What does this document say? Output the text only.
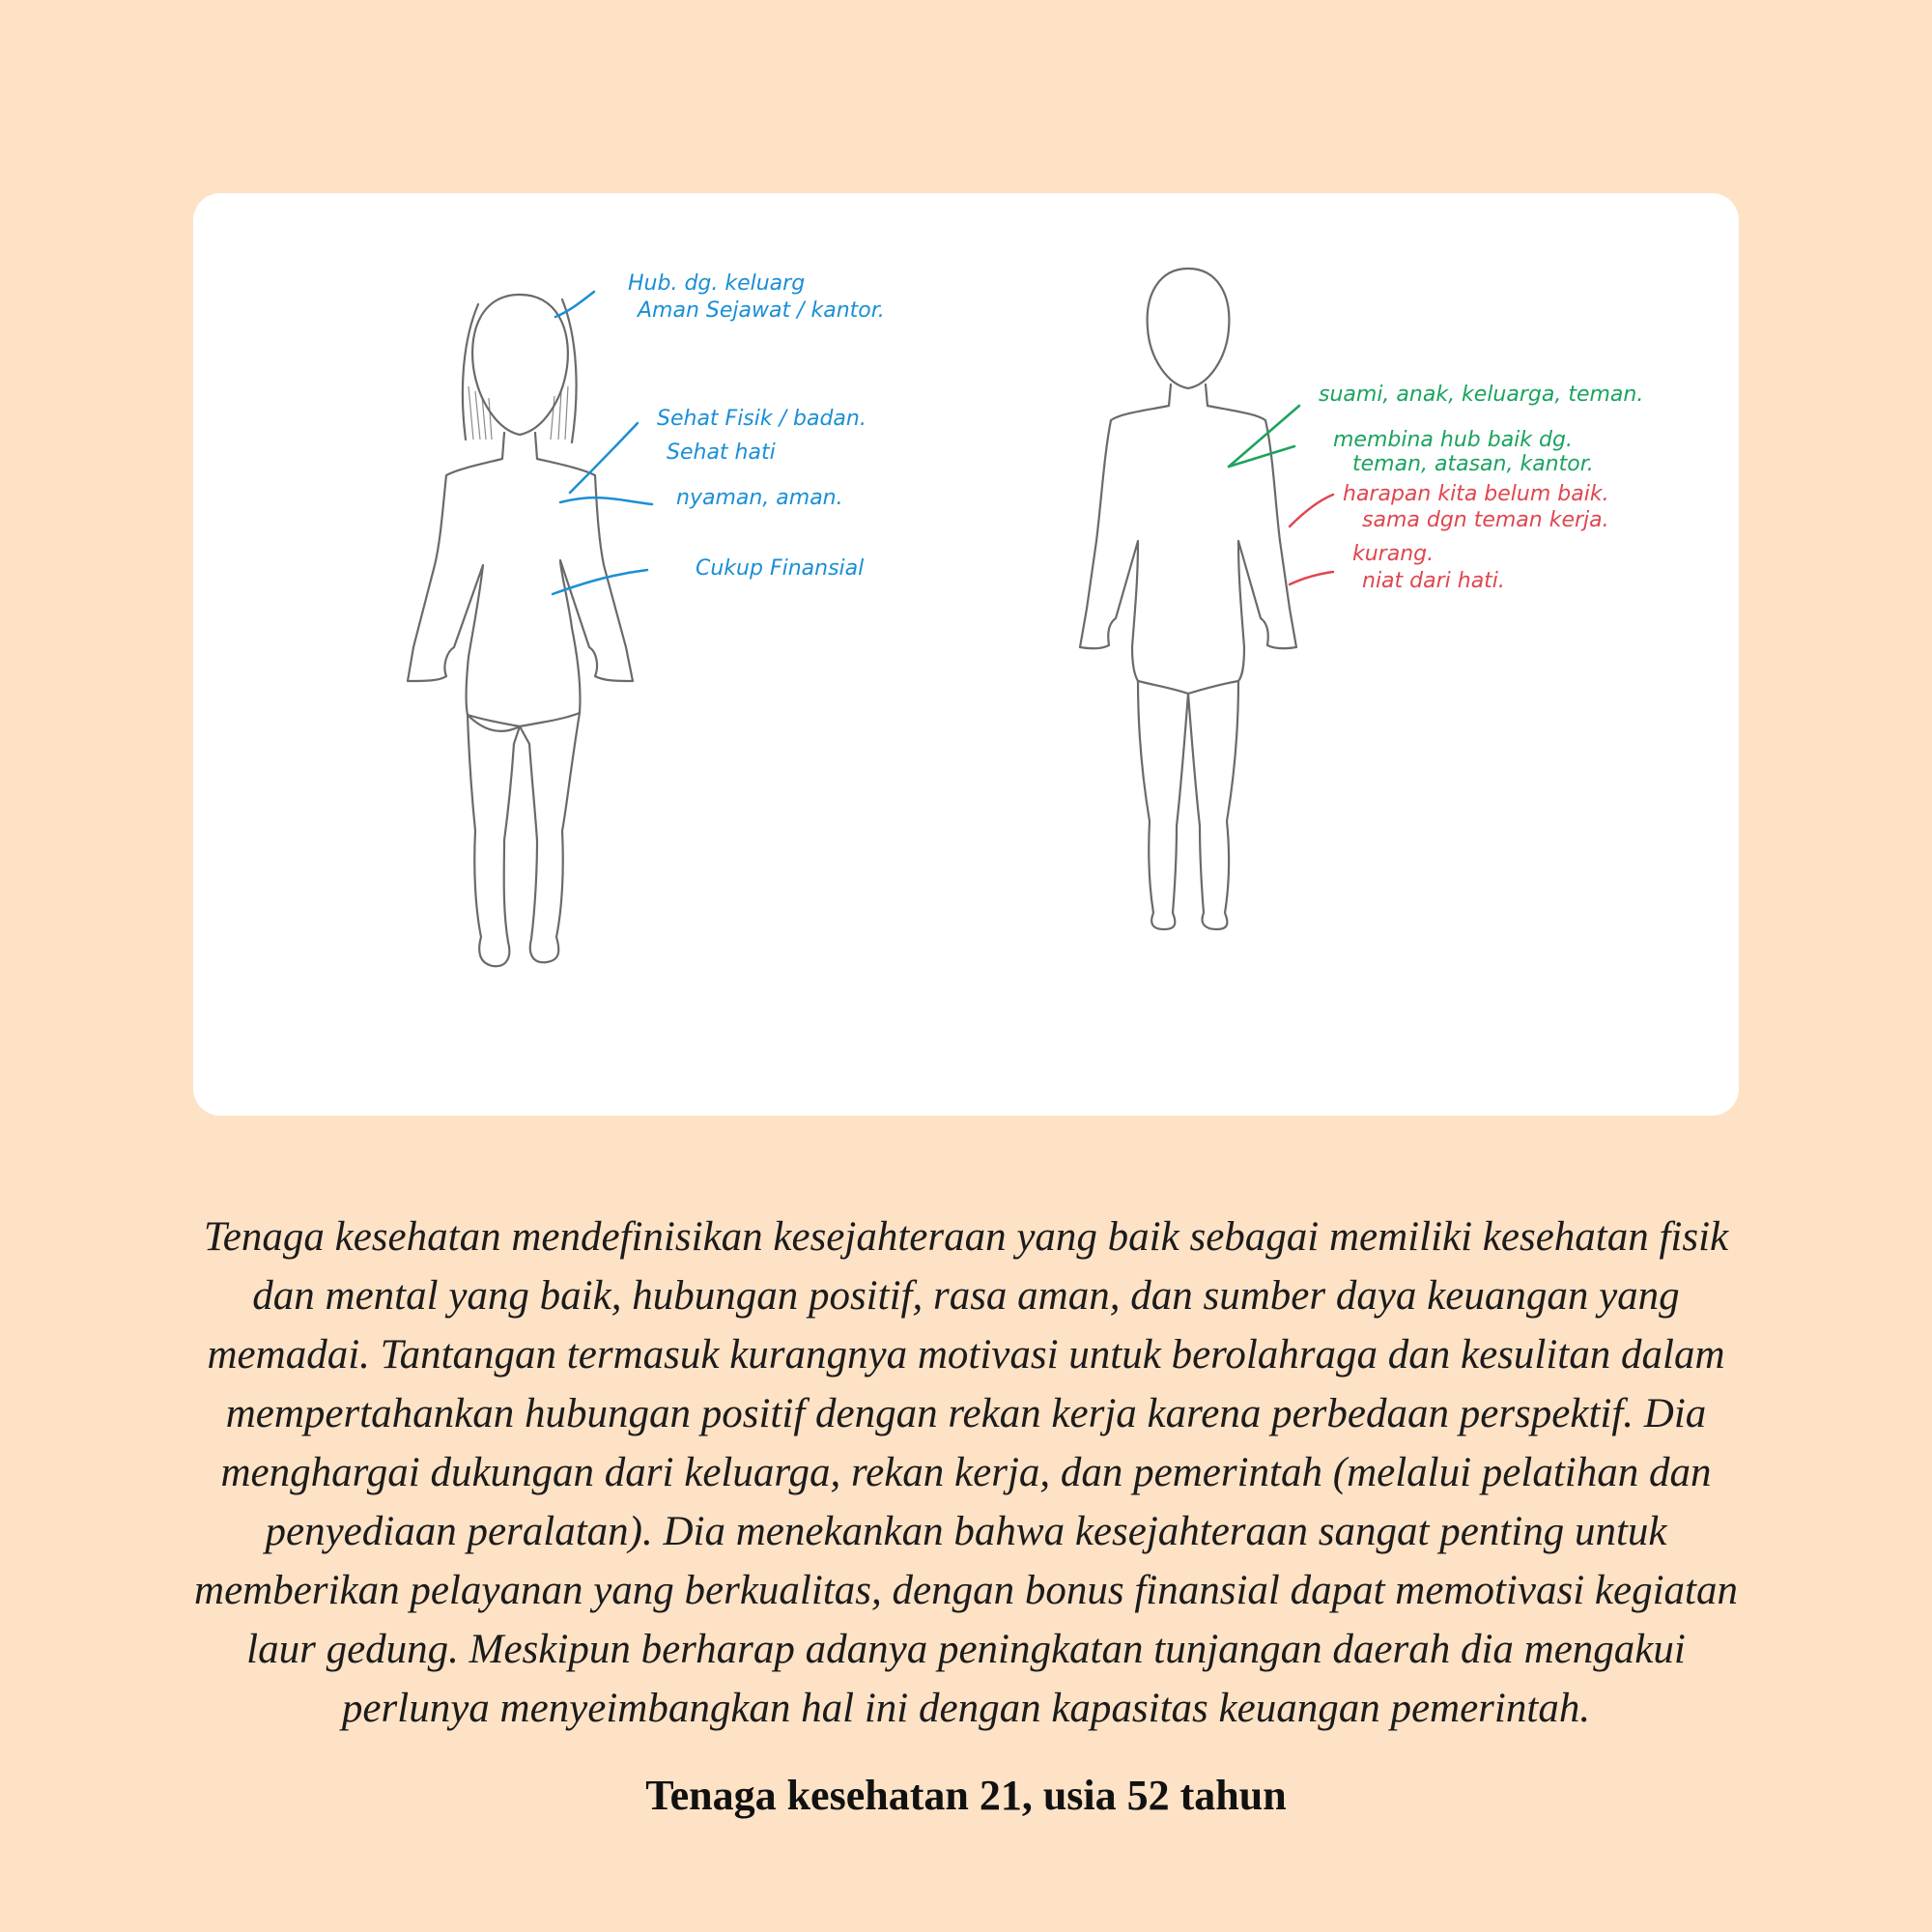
Hub. dg. keluarg
Aman Sejawat / kantor.
Sehat Fisik / badan.
Sehat hati
nyaman, aman.
Cukup Finansial
suami, anak, keluarga, teman.
membina hub baik dg.
teman, atasan, kantor.
harapan kita belum baik.
sama dgn teman kerja.
kurang.
niat dari hati.
Tenaga kesehatan mendefinisikan kesejahteraan yang baik sebagai memiliki kesehatan fisik dan mental yang baik, hubungan positif, rasa aman, dan sumber daya keuangan yang memadai. Tantangan termasuk kurangnya motivasi untuk berolahraga dan kesulitan dalam mempertahankan hubungan positif dengan rekan kerja karena perbedaan perspektif. Dia menghargai dukungan dari keluarga, rekan kerja, dan pemerintah (melalui pelatihan dan penyediaan peralatan). Dia menekankan bahwa kesejahteraan sangat penting untuk memberikan pelayanan yang berkualitas, dengan bonus finansial dapat memotivasi kegiatan laur gedung. Meskipun berharap adanya peningkatan tunjangan daerah dia mengakui perlunya menyeimbangkan hal ini dengan kapasitas keuangan pemerintah.
Tenaga kesehatan 21, usia 52 tahun
